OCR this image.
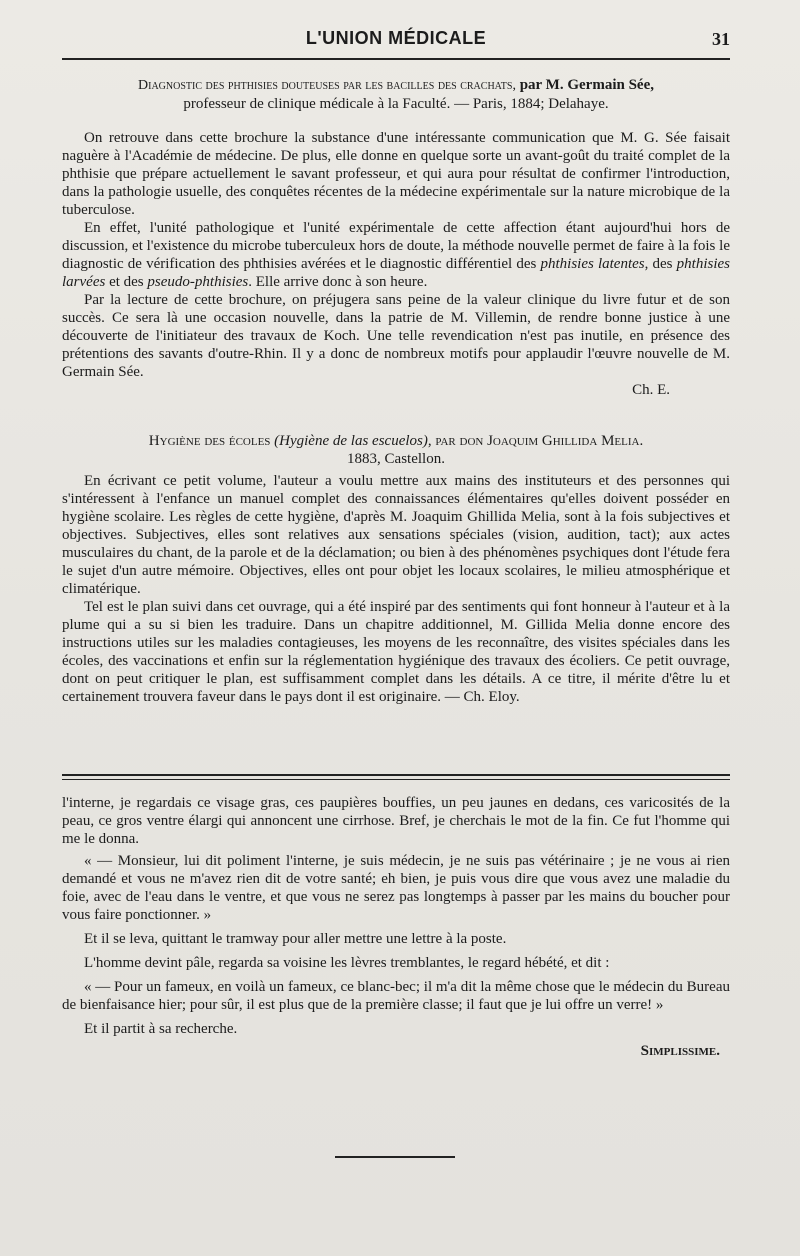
L'UNION MÉDICALE	31
Diagnostic des phthisies douteuses par les bacilles des crachats, par M. Germain Sée,
professeur de clinique médicale à la Faculté. — Paris, 1884; Delahaye.

On retrouve dans cette brochure la substance d'une intéressante communication que M. G. Sée faisait naguère à l'Académie de médecine. De plus, elle donne en quelque sorte un avant-goût du traité complet de la phthisie que prépare actuellement le savant professeur, et qui aura pour résultat de confirmer l'introduction, dans la pathologie usuelle, des conquêtes récentes de la médecine expérimentale sur la nature microbique de la tuberculose.

En effet, l'unité pathologique et l'unité expérimentale de cette affection étant aujourd'hui hors de discussion, et l'existence du microbe tuberculeux hors de doute, la méthode nouvelle permet de faire à la fois le diagnostic de vérification des phthisies avérées et le diagnostic différentiel des phthisies latentes, des phthisies larvées et des pseudo-phthisies. Elle arrive donc à son heure.

Par la lecture de cette brochure, on préjugera sans peine de la valeur clinique du livre futur et de son succès. Ce sera là une occasion nouvelle, dans la patrie de M. Villemin, de rendre bonne justice à une découverte de l'initiateur des travaux de Koch. Une telle revendication n'est pas inutile, en présence des prétentions des savants d'outre-Rhin. Il y a donc de nombreux motifs pour applaudir l'œuvre nouvelle de M. Germain Sée.

Ch. E.
Hygiène des écoles (Hygiène de las escuelos), par don Joaquim Ghillida Melia.
1883, Castellon.

En écrivant ce petit volume, l'auteur a voulu mettre aux mains des instituteurs et des personnes qui s'intéressent à l'enfance un manuel complet des connaissances élémentaires qu'elles doivent posséder en hygiène scolaire. Les règles de cette hygiène, d'après M. Joaquim Ghillida Melia, sont à la fois subjectives et objectives. Subjectives, elles sont relatives aux sensations spéciales (vision, audition, tact); aux actes musculaires du chant, de la parole et de la déclamation; ou bien à des phénomènes psychiques dont l'étude fera le sujet d'un autre mémoire. Objectives, elles ont pour objet les locaux scolaires, le milieu atmosphérique et climatérique.

Tel est le plan suivi dans cet ouvrage, qui a été inspiré par des sentiments qui font honneur à l'auteur et à la plume qui a su si bien les traduire. Dans un chapitre additionnel, M. Gillida Melia donne encore des instructions utiles sur les maladies contagieuses, les moyens de les reconnaître, des visites spéciales dans les écoles, des vaccinations et enfin sur la réglementation hygiénique des travaux des écoliers. Ce petit ouvrage, dont on peut critiquer le plan, est suffisamment complet dans les détails. A ce titre, il mérite d'être lu et certainement trouvera faveur dans le pays dont il est originaire. — Ch. Eloy.

l'interne, je regardais ce visage gras, ces paupières bouffies, un peu jaunes en dedans, ces varicosités de la peau, ce gros ventre élargi qui annoncent une cirrhose. Bref, je cherchais le mot de la fin. Ce fut l'homme qui me le donna.

« — Monsieur, lui dit poliment l'interne, je suis médecin, je ne suis pas vétérinaire ; je ne vous ai rien demandé et vous ne m'avez rien dit de votre santé; eh bien, je puis vous dire que vous avez une maladie du foie, avec de l'eau dans le ventre, et que vous ne serez pas longtemps à passer par les mains du boucher pour vous faire ponctionner. »

Et il se leva, quittant le tramway pour aller mettre une lettre à la poste.

L'homme devint pâle, regarda sa voisine les lèvres tremblantes, le regard hébété, et dit :

« — Pour un fameux, en voilà un fameux, ce blanc-bec; il m'a dit la même chose que le médecin du Bureau de bienfaisance hier; pour sûr, il est plus que de la première classe; il faut que je lui offre un verre! »

Et il partit à sa recherche.

Simplissime.
